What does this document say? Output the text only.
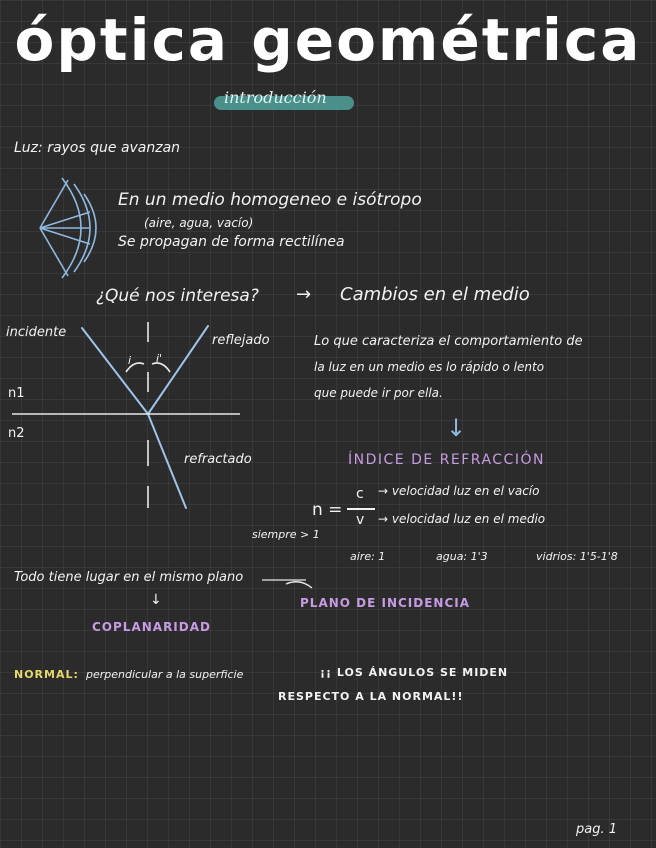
óptica geométrica
introducción
Luz: rayos que avanzan
En un medio homogeneo e isótropo
(aire, agua, vacío)
Se propagan de forma rectilínea
¿Qué nos interesa? → Cambios en el medio
incidente
reflejado
refractado
n1
n2
i i'
Lo que caracteriza el comportamiento de
la luz en un medio es lo rápido o lento
que puede ir por ella.
↓
ÍNDICE DE REFRACCIÓN
n =
c
v
→ velocidad luz en el vacío
→ velocidad luz en el medio
siempre > 1
aire: 1	agua: 1'3	vidrios: 1'5-1'8
Todo tiene lugar en el mismo plano
PLANO DE INCIDENCIA
↓
COPLANARIDAD
NORMAL: perpendicular a la superficie	¡¡ LOS ÁNGULOS SE MIDEN
RESPECTO A LA NORMAL!!
pag. 1
